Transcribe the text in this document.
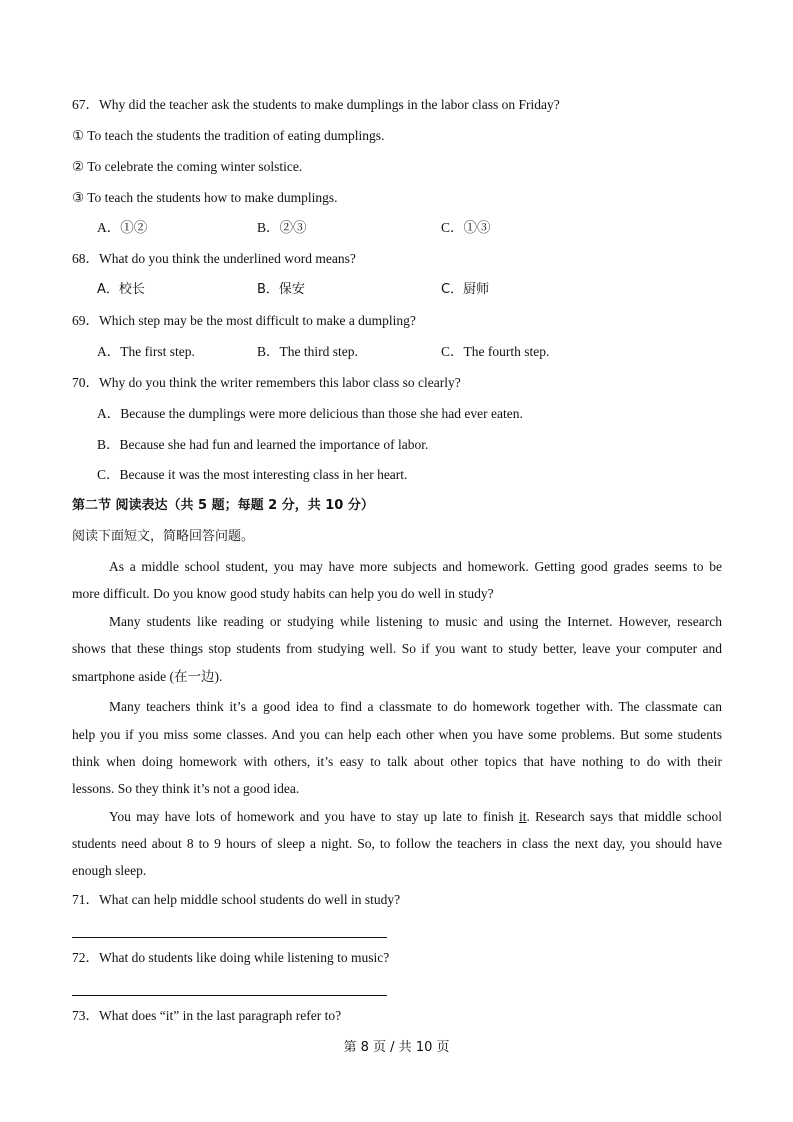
67．Why did the teacher ask the students to make dumplings in the labor class on Friday?
① To teach the students the tradition of eating dumplings.
② To celebrate the coming winter solstice.
③ To teach the students how to make dumplings.
A．①②	B．②③	C．①③
68．What do you think the underlined word means?
A．校长	B．保安	C．厨师
69．Which step may be the most difficult to make a dumpling?
A．The first step.	B．The third step.	C．The fourth step.
70．Why do you think the writer remembers this labor class so clearly?
A．Because the dumplings were more delicious than those she had ever eaten.
B．Because she had fun and learned the importance of labor.
C．Because it was the most interesting class in her heart.
第二节 阅读表达（共 5 题；每题 2 分，共 10 分）
阅读下面短文，简略回答问题。
As a middle school student, you may have more subjects and homework. Getting good grades seems to be
more difficult. Do you know good study habits can help you do well in study?
Many students like reading or studying while listening to music and using the Internet. However, research
shows that these things stop students from studying well. So if you want to study better, leave your computer and
smartphone aside (在一边).
Many teachers think it’s a good idea to find a classmate to do homework together with. The classmate can
help you if you miss some classes. And you can help each other when you have some problems. But some students
think when doing homework with others, it’s easy to talk about other topics that have nothing to do with their
lessons. So they think it’s not a good idea.
You may have lots of homework and you have to stay up late to finish it. Research says that middle school
students need about 8 to 9 hours of sleep a night. So, to follow the teachers in class the next day, you should have
enough sleep.
71．What can help middle school students do well in study?
72．What do students like doing while listening to music?
73．What does “it” in the last paragraph refer to?
第 8 页 / 共 10 页
